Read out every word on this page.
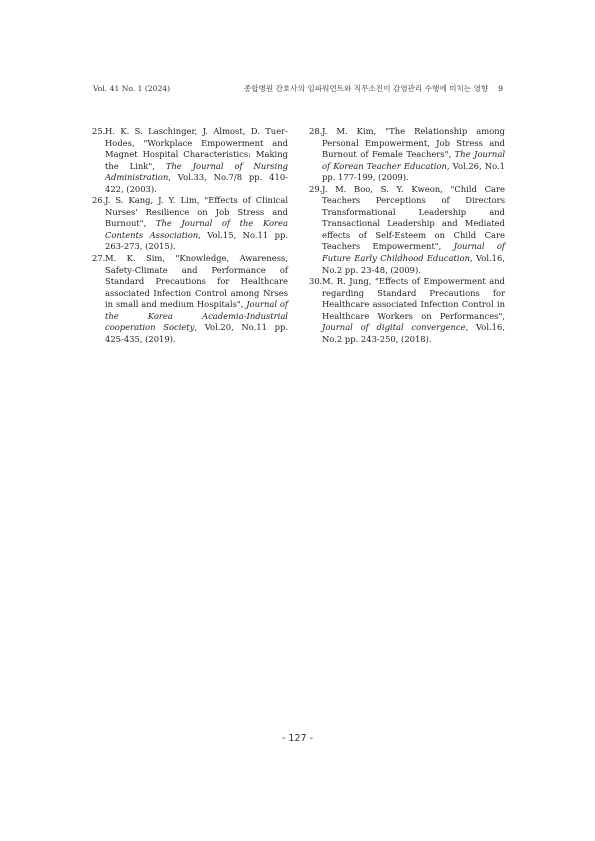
Vol. 41 No. 1 (2024)	종합병원 간호사의 임파워먼트와 직무소진이 감염관리 수행에 미치는 영향 9

25. H. K. S. Laschinger, J. Almost, D. Tuer-Hodes, "Workplace Empowerment and Magnet Hospital Characteristics: Making the Link", The Journal of Nursing Administration, Vol.33, No.7/8 pp. 410-422, (2003).

26. J. S. Kang, J. Y. Lim, "Effects of Clinical Nurses' Resilience on Job Stress and Burnout", The Journal of the Korea Contents Association, Vol.15, No.11 pp. 263-273, (2015).

27. M. K. Sim, "Knowledge, Awareness, Safety-Climate and Performance of Standard Precautions for Healthcare associated Infection Control among Nrses in small and medium Hospitals", Journal of the Korea Academia-Industrial cooperation Society, Vol.20, No.11 pp. 425-435, (2019).

28. J. M. Kim, "The Relationship among Personal Empowerment, Job Stress and Burnout of Female Teachers", The Journal of Korean Teacher Education, Vol.26, No.1 pp. 177-199, (2009).

29. J. M. Boo, S. Y. Kweon, "Child Care Teachers Perceptions of Directors Transformational Leadership and Transactional Leadership and Mediated effects of Self-Esteem on Child Care Teachers Empowerment", Journal of Future Early Childhood Education, Vol.16, No.2 pp. 23-48, (2009).

30. M. R. Jung, "Effects of Empowerment and regarding Standard Precautions for Healthcare associated Infection Control in Healthcare Workers on Performances", Journal of digital convergence, Vol.16, No.2 pp. 243-250, (2018).

- 127 -
